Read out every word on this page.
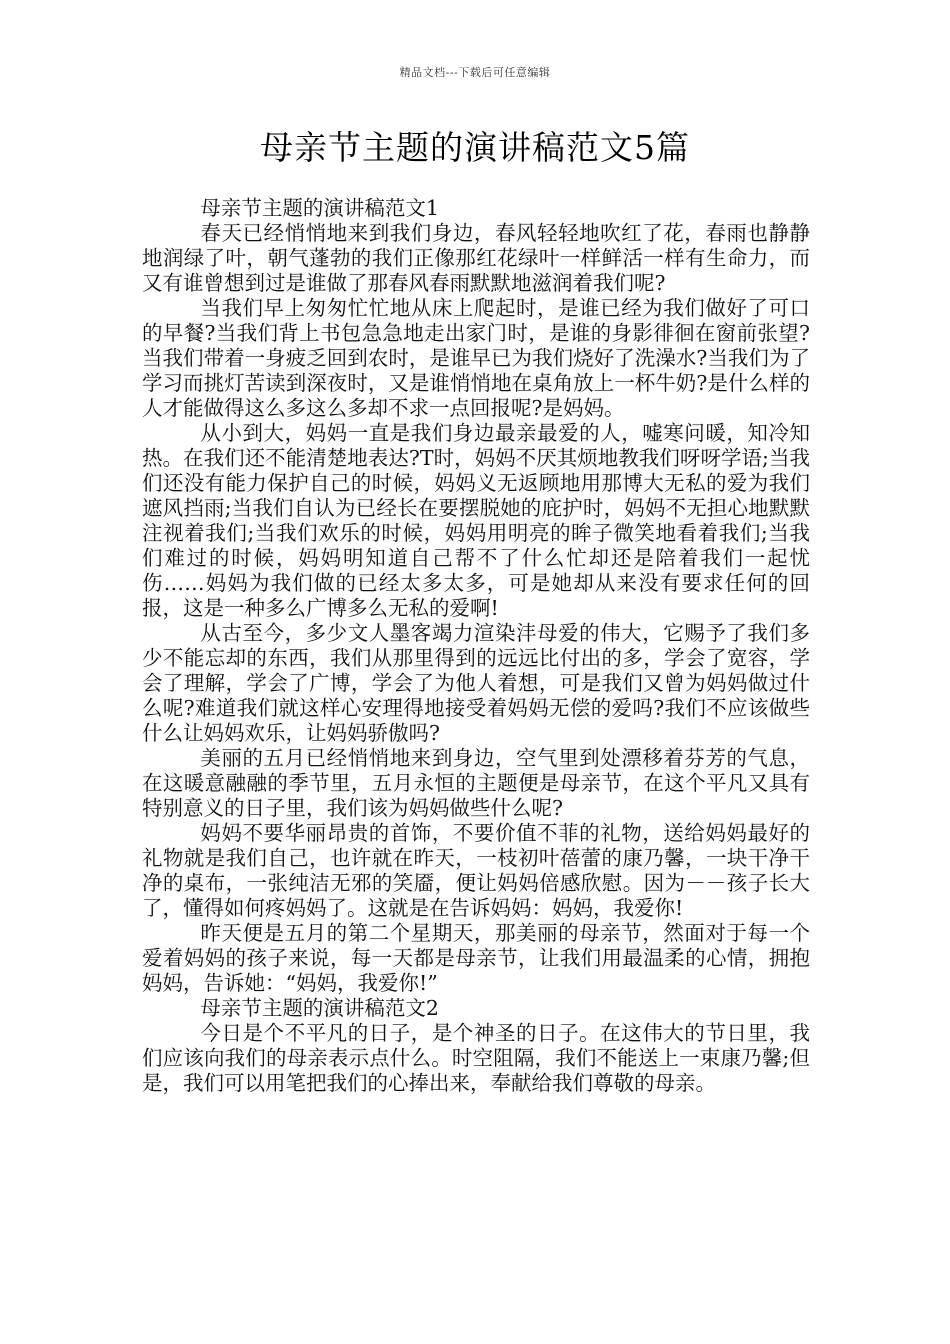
精品文档---下载后可任意编辑
母亲节主题的演讲稿范文5篇

母亲节主题的演讲稿范文1

春天已经悄悄地来到我们身边，春风轻轻地吹红了花，春雨也静静地润绿了叶，朝气蓬勃的我们正像那红花绿叶一样鲜活一样有生命力，而又有谁曾想到过是谁做了那春风春雨默默地滋润着我们呢?

当我们早上匆匆忙忙地从床上爬起时，是谁已经为我们做好了可口的早餐?当我们背上书包急急地走出家门时，是谁的身影徘徊在窗前张望?当我们带着一身疲乏回到农时，是谁早已为我们烧好了洗澡水?当我们为了学习而挑灯苦读到深夜时，又是谁悄悄地在桌角放上一杯牛奶?是什么样的人才能做得这么多这么多却不求一点回报呢?是妈妈。

从小到大，妈妈一直是我们身边最亲最爱的人，嘘寒问暖，知冷知热。在我们还不能清楚地表达?T时，妈妈不厌其烦地教我们呀呀学语;当我们还没有能力保护自己的时候，妈妈义无返顾地用那博大无私的爱为我们遮风挡雨;当我们自认为已经长在要摆脱她的庇护时，妈妈不无担心地默默注视着我们;当我们欢乐的时候，妈妈用明亮的眸子微笑地看着我们;当我们难过的时候，妈妈明知道自己帮不了什么忙却还是陪着我们一起忧伤……妈妈为我们做的已经太多太多，可是她却从来没有要求任何的回报，这是一种多么广博多么无私的爱啊!

从古至今，多少文人墨客竭力渲染沣母爱的伟大，它赐予了我们多少不能忘却的东西，我们从那里得到的远远比付出的多，学会了宽容，学会了理解，学会了广博，学会了为他人着想，可是我们又曾为妈妈做过什么呢?难道我们就这样心安理得地接受着妈妈无偿的爱吗?我们不应该做些什么让妈妈欢乐，让妈妈骄傲吗?

美丽的五月已经悄悄地来到身边，空气里到处漂移着芬芳的气息，在这暖意融融的季节里，五月永恒的主题便是母亲节，在这个平凡又具有特别意义的日子里，我们该为妈妈做些什么呢?

妈妈不要华丽昂贵的首饰，不要价值不菲的礼物，送给妈妈最好的礼物就是我们自己，也许就在昨天，一枝初叶蓓蕾的康乃馨，一块干净干净的桌布，一张纯洁无邪的笑靥，便让妈妈倍感欣慰。因为－－孩子长大了，懂得如何疼妈妈了。这就是在告诉妈妈：妈妈，我爱你!

昨天便是五月的第二个星期天，那美丽的母亲节，然面对于每一个爱着妈妈的孩子来说，每一天都是母亲节，让我们用最温柔的心情，拥抱妈妈，告诉她：“妈妈，我爱你!”

母亲节主题的演讲稿范文2

今日是个不平凡的日子，是个神圣的日子。在这伟大的节日里，我们应该向我们的母亲表示点什么。时空阻隔，我们不能送上一束康乃馨;但是，我们可以用笔把我们的心捧出来，奉献给我们尊敬的母亲。
